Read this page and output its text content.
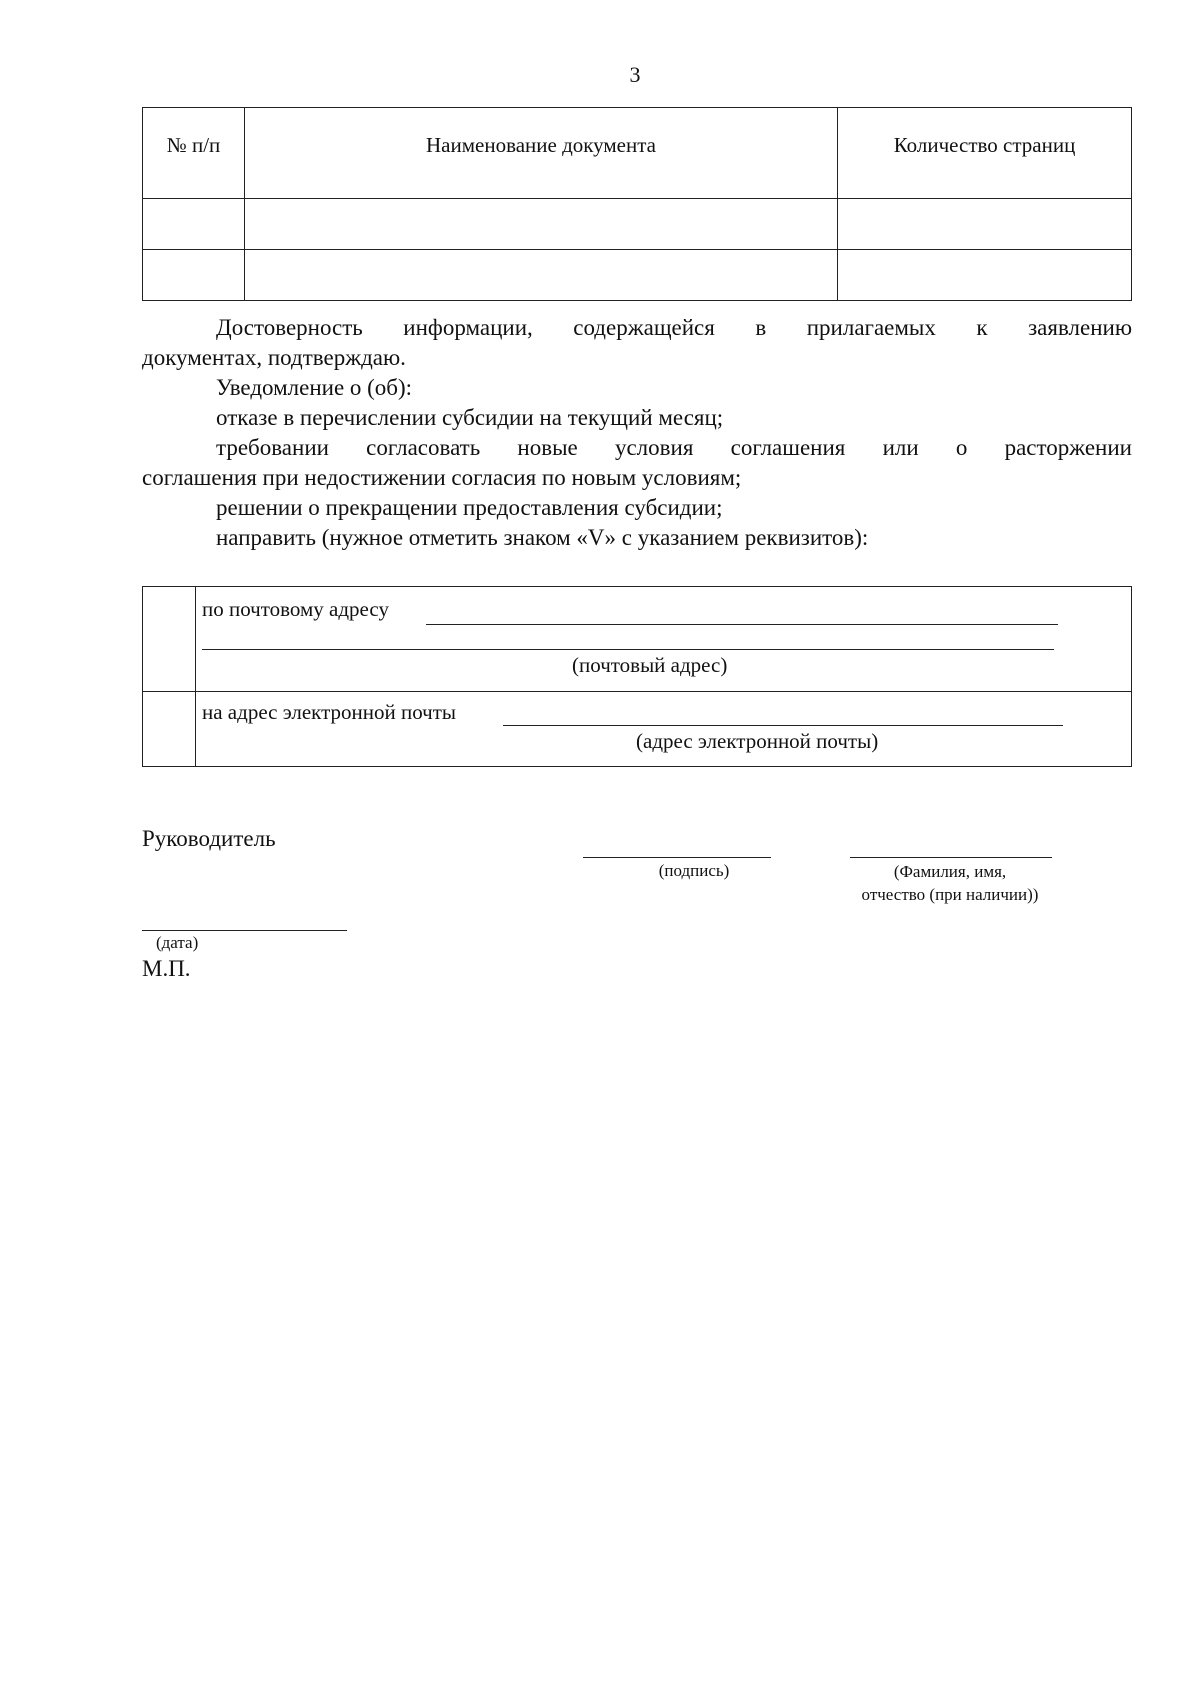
3
№ п/п	Наименование документа	Количество страниц

Достоверность информации, содержащейся в прилагаемых к заявлению
документах, подтверждаю.
Уведомление о (об):
отказе в перечислении субсидии на текущий месяц;
требовании согласовать новые условия соглашения или о расторжении
соглашения при недостижении согласия по новым условиям;
решении о прекращении предоставления субсидии;
направить (нужное отметить знаком «V» с указанием реквизитов):

	по почтовому адресу
(почтовый адрес)

	на адрес электронной почты
(адрес электронной почты)
Руководитель
(подпись)	(Фамилия, имя,
отчество (при наличии))
(дата)
М.П.
